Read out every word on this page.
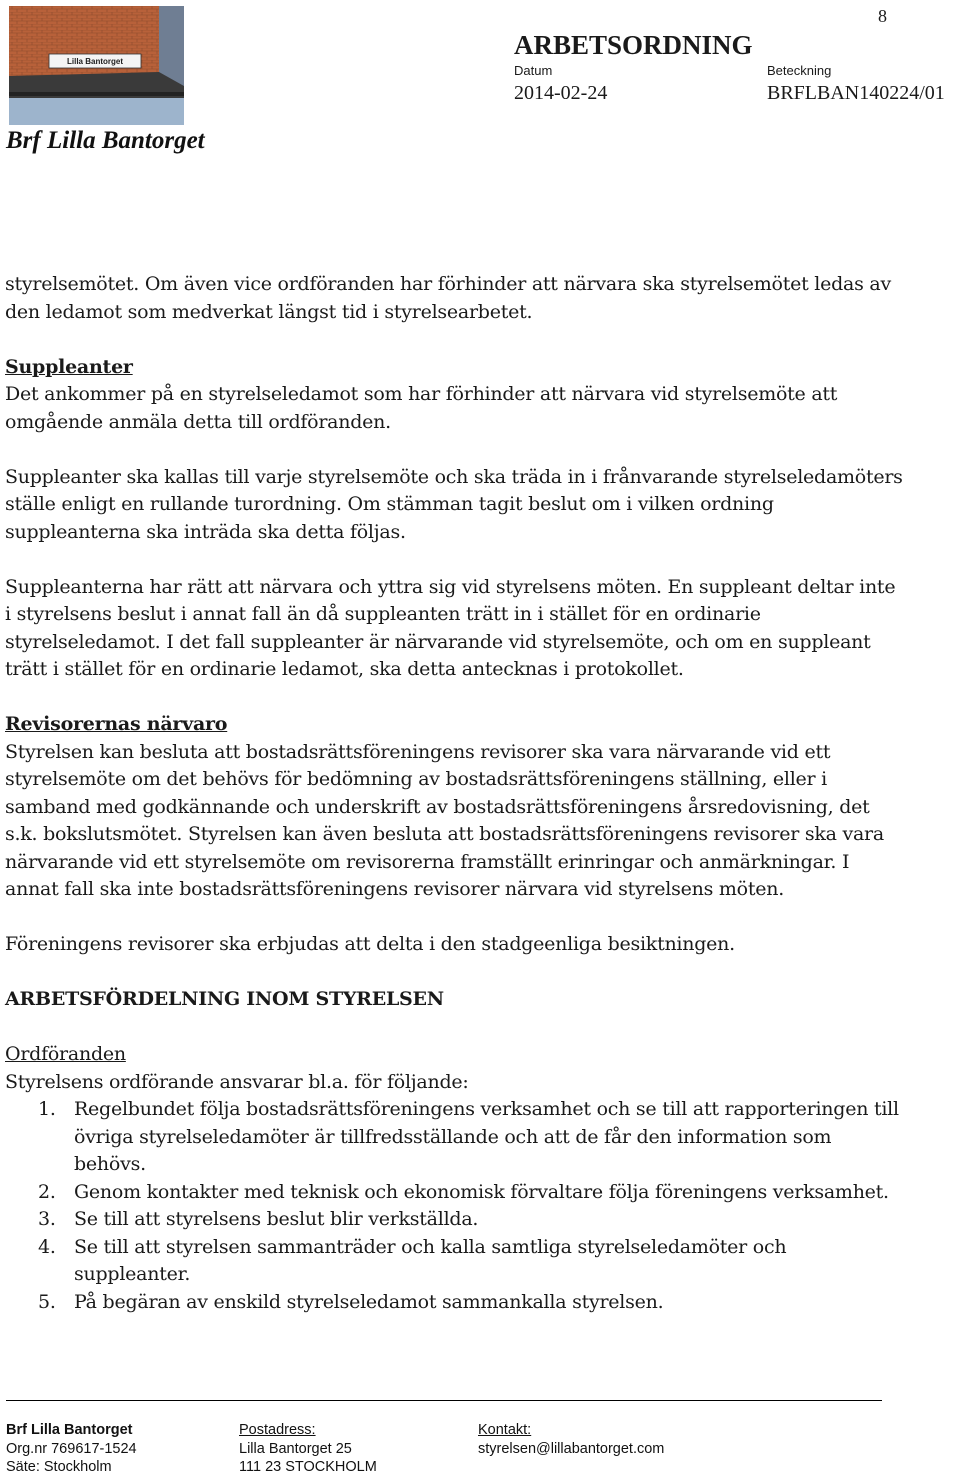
Lilla Bantorget
Brf Lilla Bantorget
8
ARBETSORDNING
Datum
2014-02-24
Beteckning
BRFLBAN140224/01

styrelsemötet. Om även vice ordföranden har förhinder att närvara ska styrelsemötet ledas av den ledamot som medverkat längst tid i styrelsearbetet.

Suppleanter

Det ankommer på en styrelseledamot som har förhinder att närvara vid styrelsemöte att omgående anmäla detta till ordföranden.

Suppleanter ska kallas till varje styrelsemöte och ska träda in i frånvarande styrelseledamöters ställe enligt en rullande turordning. Om stämman tagit beslut om i vilken ordning suppleanterna ska inträda ska detta följas.

Suppleanterna har rätt att närvara och yttra sig vid styrelsens möten. En suppleant deltar inte i styrelsens beslut i annat fall än då suppleanten trätt in i stället för en ordinarie styrelseledamot. I det fall suppleanter är närvarande vid styrelsemöte, och om en suppleant trätt i stället för en ordinarie ledamot, ska detta antecknas i protokollet.

Revisorernas närvaro

Styrelsen kan besluta att bostadsrättsföreningens revisorer ska vara närvarande vid ett styrelsemöte om det behövs för bedömning av bostadsrättsföreningens ställning, eller i samband med godkännande och underskrift av bostadsrättsföreningens årsredovisning, det s.k. bokslutsmötet. Styrelsen kan även besluta att bostadsrättsföreningens revisorer ska vara närvarande vid ett styrelsemöte om revisorerna framställt erinringar och anmärkningar. I annat fall ska inte bostadsrättsföreningens revisorer närvara vid styrelsens möten.

Föreningens revisorer ska erbjudas att delta i den stadgeenliga besiktningen.

ARBETSFÖRDELNING INOM STYRELSEN

Ordföranden

Styrelsens ordförande ansvarar bl.a. för följande:

1. Regelbundet följa bostadsrättsföreningens verksamhet och se till att rapporteringen till övriga styrelseledamöter är tillfredsställande och att de får den information som behövs.
2. Genom kontakter med teknisk och ekonomisk förvaltare följa föreningens verksamhet.
3. Se till att styrelsens beslut blir verkställda.
4. Se till att styrelsen sammanträder och kalla samtliga styrelseledamöter och suppleanter.
5. På begäran av enskild styrelseledamot sammankalla styrelsen.
Brf Lilla Bantorget
Org.nr 769617-1524
Säte: Stockholm
Postadress:
Lilla Bantorget 25
111 23 STOCKHOLM
Kontakt:
styrelsen@lillabantorget.com
